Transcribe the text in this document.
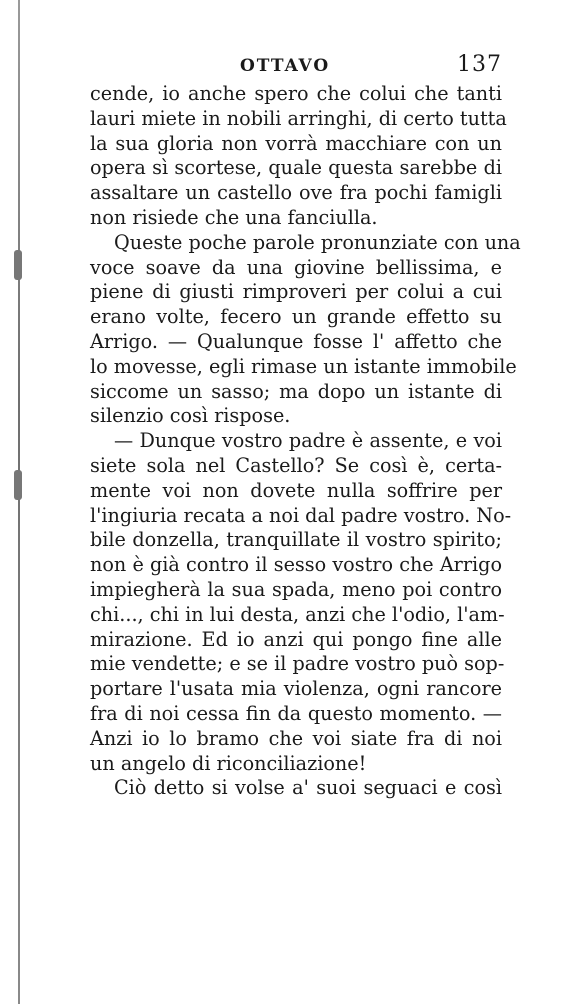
OTTAVO	137
cende, io anche spero che colui che tanti
lauri miete in nobili arringhi, di certo tutta
la sua gloria non vorrà macchiare con un
opera sì scortese, quale questa sarebbe di
assaltare un castello ove fra pochi famigli
non risiede che una fanciulla.
Queste poche parole pronunziate con una
voce soave da una giovine bellissima, e
piene di giusti rimproveri per colui a cui
erano volte, fecero un grande effetto su
Arrigo. — Qualunque fosse l' affetto che
lo movesse, egli rimase un istante immobile
siccome un sasso; ma dopo un istante di
silenzio così rispose.
— Dunque vostro padre è assente, e voi
siete sola nel Castello? Se così è, certa-
mente voi non dovete nulla soffrire per
l'ingiuria recata a noi dal padre vostro. No-
bile donzella, tranquillate il vostro spirito;
non è già contro il sesso vostro che Arrigo
impiegherà la sua spada, meno poi contro
chi..., chi in lui desta, anzi che l'odio, l'am-
mirazione. Ed io anzi qui pongo fine alle
mie vendette; e se il padre vostro può sop-
portare l'usata mia violenza, ogni rancore
fra di noi cessa fin da questo momento. —
Anzi io lo bramo che voi siate fra di noi
un angelo di riconciliazione!
Ciò detto si volse a' suoi seguaci e così
